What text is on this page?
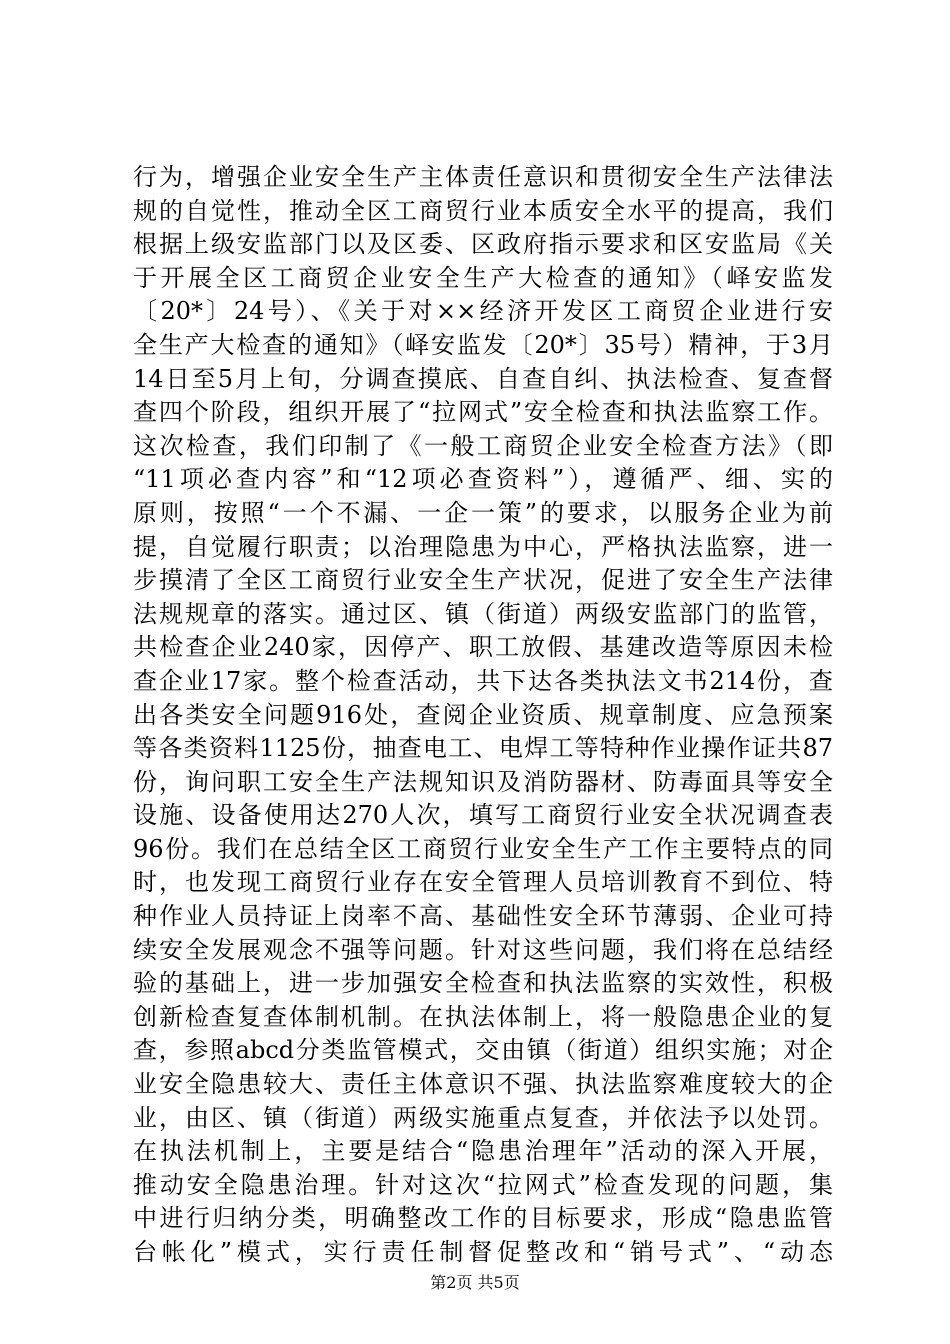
行为，增强企业安全生产主体责任意识和贯彻安全生产法律法
规的自觉性，推动全区工商贸行业本质安全水平的提高，我们
根据上级安监部门以及区委、区政府指示要求和区安监局《关
于开展全区工商贸企业安全生产大检查的通知》（峄安监发
〔20*〕24号）、《关于对××经济开发区工商贸企业进行安
全生产大检查的通知》（峄安监发〔20*〕35号）精神，于3月
14日至5月上旬，分调查摸底、自查自纠、执法检查、复查督
查四个阶段，组织开展了“拉网式”安全检查和执法监察工作。
这次检查，我们印制了《一般工商贸企业安全检查方法》（即
“11项必查内容”和“12项必查资料”），遵循严、细、实的
原则，按照“一个不漏、一企一策”的要求，以服务企业为前
提，自觉履行职责；以治理隐患为中心，严格执法监察，进一
步摸清了全区工商贸行业安全生产状况，促进了安全生产法律
法规规章的落实。通过区、镇（街道）两级安监部门的监管，
共检查企业240家，因停产、职工放假、基建改造等原因未检
查企业17家。整个检查活动，共下达各类执法文书214份，查
出各类安全问题916处，查阅企业资质、规章制度、应急预案
等各类资料1125份，抽查电工、电焊工等特种作业操作证共87
份，询问职工安全生产法规知识及消防器材、防毒面具等安全
设施、设备使用达270人次，填写工商贸行业安全状况调查表
96份。我们在总结全区工商贸行业安全生产工作主要特点的同
时，也发现工商贸行业存在安全管理人员培训教育不到位、特
种作业人员持证上岗率不高、基础性安全环节薄弱、企业可持
续安全发展观念不强等问题。针对这些问题，我们将在总结经
验的基础上，进一步加强安全检查和执法监察的实效性，积极
创新检查复查体制机制。在执法体制上，将一般隐患企业的复
查，参照abcd分类监管模式，交由镇（街道）组织实施；对企
业安全隐患较大、责任主体意识不强、执法监察难度较大的企
业，由区、镇（街道）两级实施重点复查，并依法予以处罚。
在执法机制上，主要是结合“隐患治理年”活动的深入开展，
推动安全隐患治理。针对这次“拉网式”检查发现的问题，集
中进行归纳分类，明确整改工作的目标要求，形成“隐患监管
台帐化”模式，实行责任制督促整改和“销号式”、“动态
第2页 共5页
